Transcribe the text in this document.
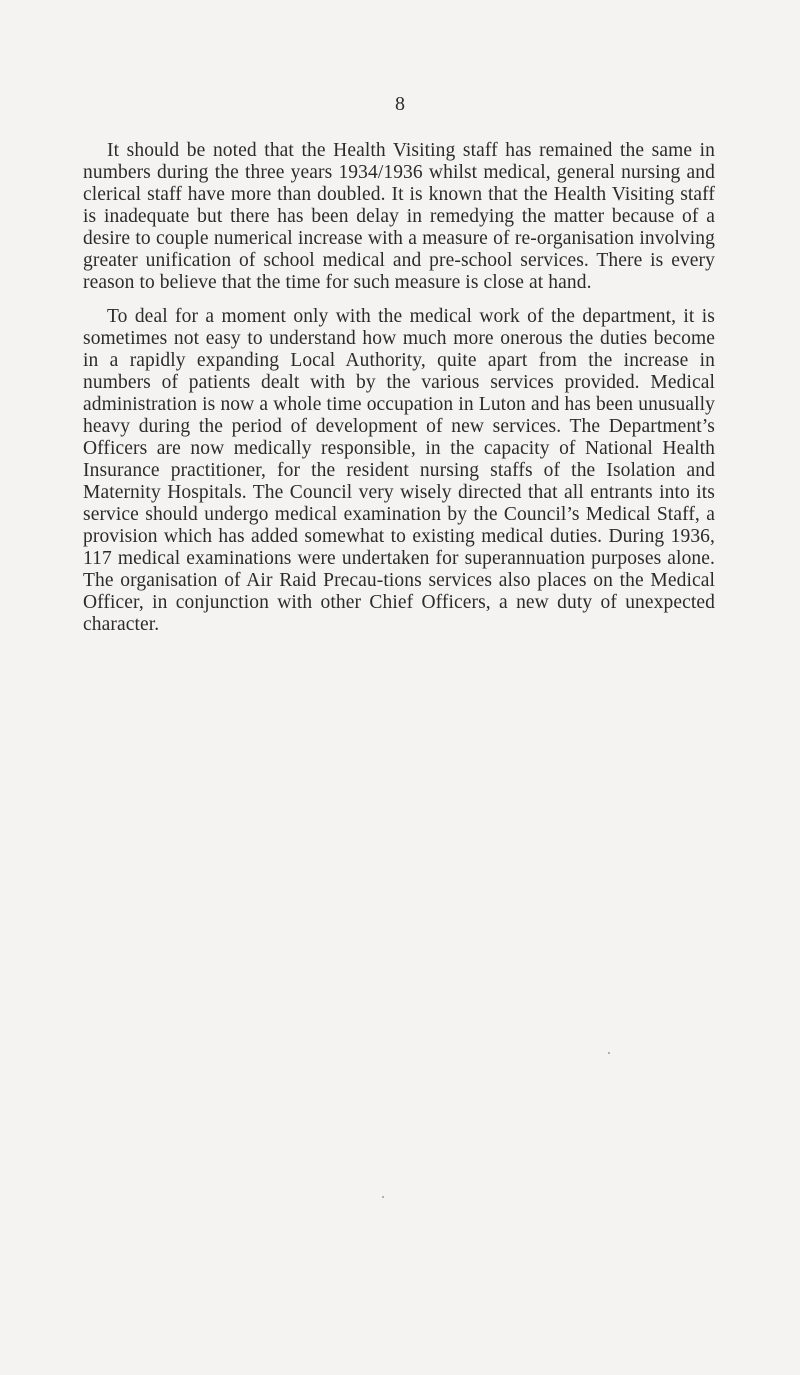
8

It should be noted that the Health Visiting staff has remained the same in numbers during the three years 1934/1936 whilst medical, general nursing and clerical staff have more than doubled. It is known that the Health Visiting staff is inadequate but there has been delay in remedying the matter because of a desire to couple numerical increase with a measure of re-organisation involving greater unification of school medical and pre-school services. There is every reason to believe that the time for such measure is close at hand.

To deal for a moment only with the medical work of the department, it is sometimes not easy to understand how much more onerous the duties become in a rapidly expanding Local Authority, quite apart from the increase in numbers of patients dealt with by the various services provided. Medical administration is now a whole time occupation in Luton and has been unusually heavy during the period of development of new services. The Department’s Officers are now medically responsible, in the capacity of National Health Insurance practitioner, for the resident nursing staffs of the Isolation and Maternity Hospitals. The Council very wisely directed that all entrants into its service should undergo medical examination by the Council’s Medical Staff, a provision which has added somewhat to existing medical duties. During 1936, 117 medical examinations were undertaken for superannuation purposes alone. The organisation of Air Raid Precau-tions services also places on the Medical Officer, in conjunction with other Chief Officers, a new duty of unexpected character.
